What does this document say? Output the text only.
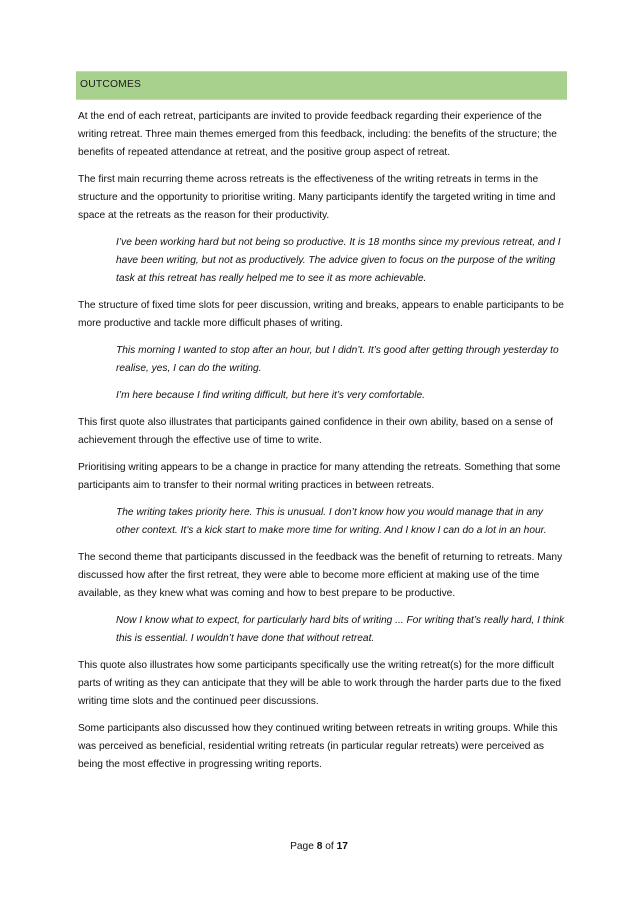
OUTCOMES

At the end of each retreat, participants are invited to provide feedback regarding their experience of the writing retreat. Three main themes emerged from this feedback, including: the benefits of the structure; the benefits of repeated attendance at retreat, and the positive group aspect of retreat.

The first main recurring theme across retreats is the effectiveness of the writing retreats in terms in the structure and the opportunity to prioritise writing. Many participants identify the targeted writing in time and space at the retreats as the reason for their productivity.

I’ve been working hard but not being so productive. It is 18 months since my previous retreat, and I have been writing, but not as productively. The advice given to focus on the purpose of the writing task at this retreat has really helped me to see it as more achievable.

The structure of fixed time slots for peer discussion, writing and breaks, appears to enable participants to be more productive and tackle more difficult phases of writing.

This morning I wanted to stop after an hour, but I didn’t. It’s good after getting through yesterday to realise, yes, I can do the writing.

I’m here because I find writing difficult, but here it’s very comfortable.

This first quote also illustrates that participants gained confidence in their own ability, based on a sense of achievement through the effective use of time to write.

Prioritising writing appears to be a change in practice for many attending the retreats. Something that some participants aim to transfer to their normal writing practices in between retreats.

The writing takes priority here. This is unusual. I don’t know how you would manage that in any other context. It’s a kick start to make more time for writing. And I know I can do a lot in an hour.

The second theme that participants discussed in the feedback was the benefit of returning to retreats. Many discussed how after the first retreat, they were able to become more efficient at making use of the time available, as they knew what was coming and how to best prepare to be productive.

Now I know what to expect, for particularly hard bits of writing ... For writing that’s really hard, I think this is essential. I wouldn’t have done that without retreat.

This quote also illustrates how some participants specifically use the writing retreat(s) for the more difficult parts of writing as they can anticipate that they will be able to work through the harder parts due to the fixed writing time slots and the continued peer discussions.

Some participants also discussed how they continued writing between retreats in writing groups. While this was perceived as beneficial, residential writing retreats (in particular regular retreats) were perceived as being the most effective in progressing writing reports.

Page 8 of 17
